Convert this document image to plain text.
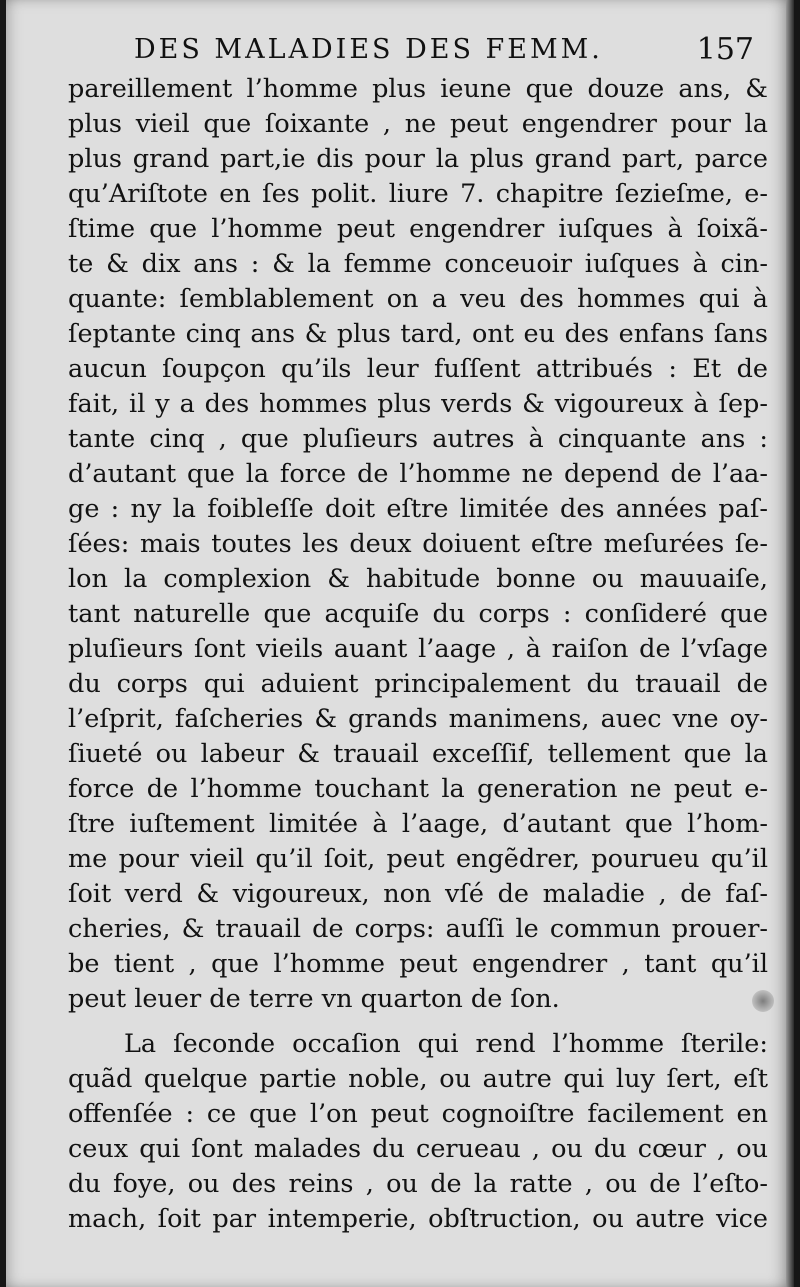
DES MALADIES DES FEMM.	157
pareillement l’homme plus ieune que douze ans, &
plus vieil que ſoixante , ne peut engendrer pour la
plus grand part,ie dis pour la plus grand part, parce
qu’Ariſtote en ſes polit. liure 7. chapitre ſezieſme, e-
ſtime que l’homme peut engendrer iuſques à ſoixã-
te & dix ans : & la femme conceuoir iuſques à cin-
quante: ſemblablement on a veu des hommes qui à
ſeptante cinq ans & plus tard, ont eu des enfans ſans
aucun ſoupçon qu’ils leur fuſſent attribués : Et de
fait, il y a des hommes plus verds & vigoureux à ſep-
tante cinq , que pluſieurs autres à cinquante ans :
d’autant que la force de l’homme ne depend de l’aa-
ge : ny la foibleſſe doit eſtre limitée des années paſ-
ſées: mais toutes les deux doiuent eſtre meſurées ſe-
lon la complexion & habitude bonne ou mauuaiſe,
tant naturelle que acquiſe du corps : conſideré que
pluſieurs ſont vieils auant l’aage , à raiſon de l’vſage
du corps qui aduient principalement du trauail de
l’eſprit, faſcheries & grands manimens, auec vne oy-
ſiueté ou labeur & trauail exceſſif, tellement que la
force de l’homme touchant la generation ne peut e-
ſtre iuſtement limitée à l’aage, d’autant que l’hom-
me pour vieil qu’il ſoit, peut engẽdrer, pourueu qu’il
ſoit verd & vigoureux, non vſé de maladie , de faſ-
cheries, & trauail de corps: auſſi le commun prouer-
be tient , que l’homme peut engendrer , tant qu’il
peut leuer de terre vn quarton de ſon.
La ſeconde occaſion qui rend l’homme ſterile:
quãd quelque partie noble, ou autre qui luy ſert, eſt
offenſée : ce que l’on peut cognoiſtre facilement en
ceux qui ſont malades du cerueau , ou du cœur , ou
du foye, ou des reins , ou de la ratte , ou de l’eſto-
mach, ſoit par intemperie, obſtruction, ou autre vice
